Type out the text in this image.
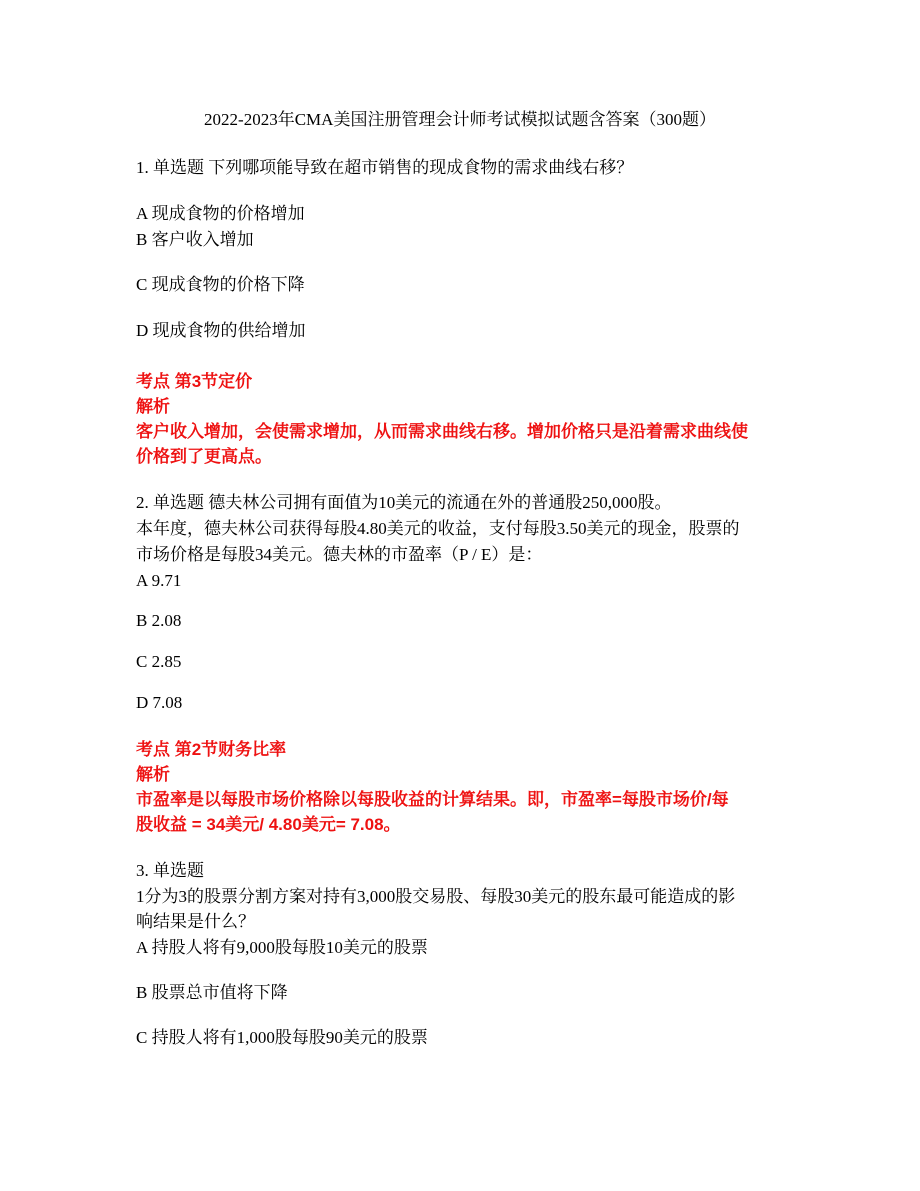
2022-2023年CMA美国注册管理会计师考试模拟试题含答案（300题）
1. 单选题 下列哪项能导致在超市销售的现成食物的需求曲线右移？
A 现成食物的价格增加
B 客户收入增加
C 现成食物的价格下降
D 现成食物的供给增加
考点 第3节定价
解析
客户收入增加，会使需求增加，从而需求曲线右移。增加价格只是沿着需求曲线使
价格到了更高点。
2. 单选题 德夫林公司拥有面值为10美元的流通在外的普通股250,000股。
本年度，德夫林公司获得每股4.80美元的收益，支付每股3.50美元的现金，股票的
市场价格是每股34美元。德夫林的市盈率（P / E）是：
A 9.71
B 2.08
C 2.85
D 7.08
考点 第2节财务比率
解析
市盈率是以每股市场价格除以每股收益的计算结果。即，市盈率=每股市场价/每
股收益 = 34美元/ 4.80美元= 7.08。
3. 单选题
1分为3的股票分割方案对持有3,000股交易股、每股30美元的股东最可能造成的影
响结果是什么？
A 持股人将有9,000股每股10美元的股票
B 股票总市值将下降
C 持股人将有1,000股每股90美元的股票
